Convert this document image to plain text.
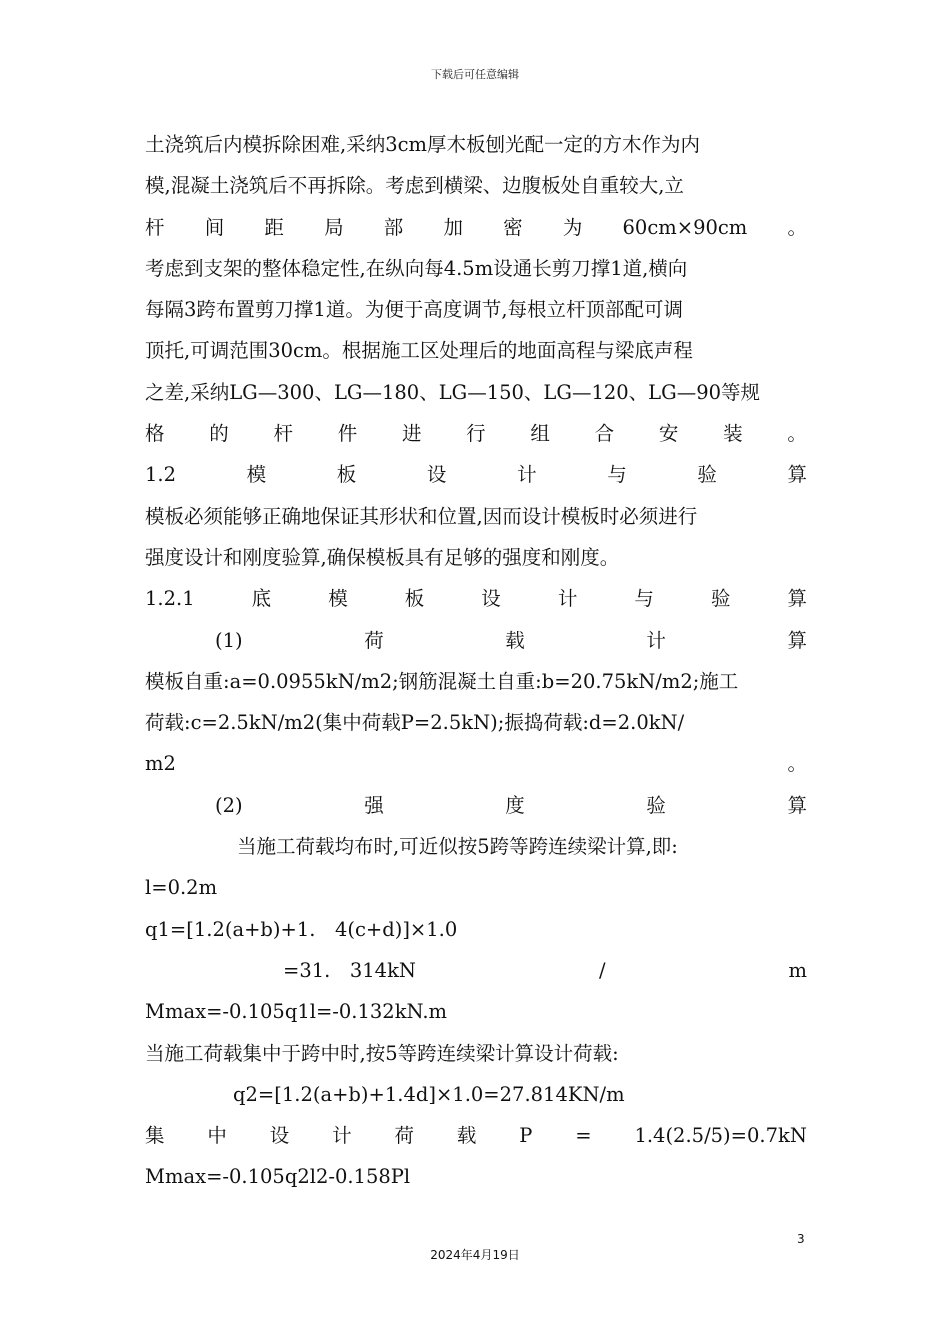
下载后可任意编辑
土浇筑后内模拆除困难,采纳3cm厚木板刨光配一定的方木作为内
模,混凝土浇筑后不再拆除。考虑到横梁、边腹板处自重较大,立
杆 间 距 局 部 加 密 为 60cm×90cm 。
考虑到支架的整体稳定性,在纵向每4.5m设通长剪刀撑1道,横向
每隔3跨布置剪刀撑1道。为便于高度调节,每根立杆顶部配可调
顶托,可调范围30cm。根据施工区处理后的地面高程与梁底声程
之差,采纳LG—300、LG—180、LG—150、LG—120、LG—90等规
格 的 杆 件 进 行 组 合 安 装 。
1.2	模	板	设	计	与	验	算
模板必须能够正确地保证其形状和位置,因而设计模板时必须进行
强度设计和刚度验算,确保模板具有足够的强度和刚度。
1.2.1	底	模	板	设	计	与	验	算
(1)	荷	载	计	算
模板自重:a=0.0955kN/m2;钢筋混凝土自重:b=20.75kN/m2;施工
荷载:c=2.5kN/m2(集中荷载P=2.5kN);振捣荷载:d=2.0kN/
m2	。
(2)	强	度	验	算
当施工荷载均布时,可近似按5跨等跨连续梁计算,即:
l=0.2m
q1=[1.2(a+b)+1.　4(c+d)]×1.0
=31.　314kN	/	m
Mmax=-0.105q1l=-0.132kN.m
当施工荷载集中于跨中时,按5等跨连续梁计算设计荷载:
q2=[1.2(a+b)+1.4d]×1.0=27.814KN/m
集 中 设 计 荷 载 P = 1.4(2.5/5)=0.7kN
Mmax=-0.105q2l2-0.158Pl
3
2024年4月19日
